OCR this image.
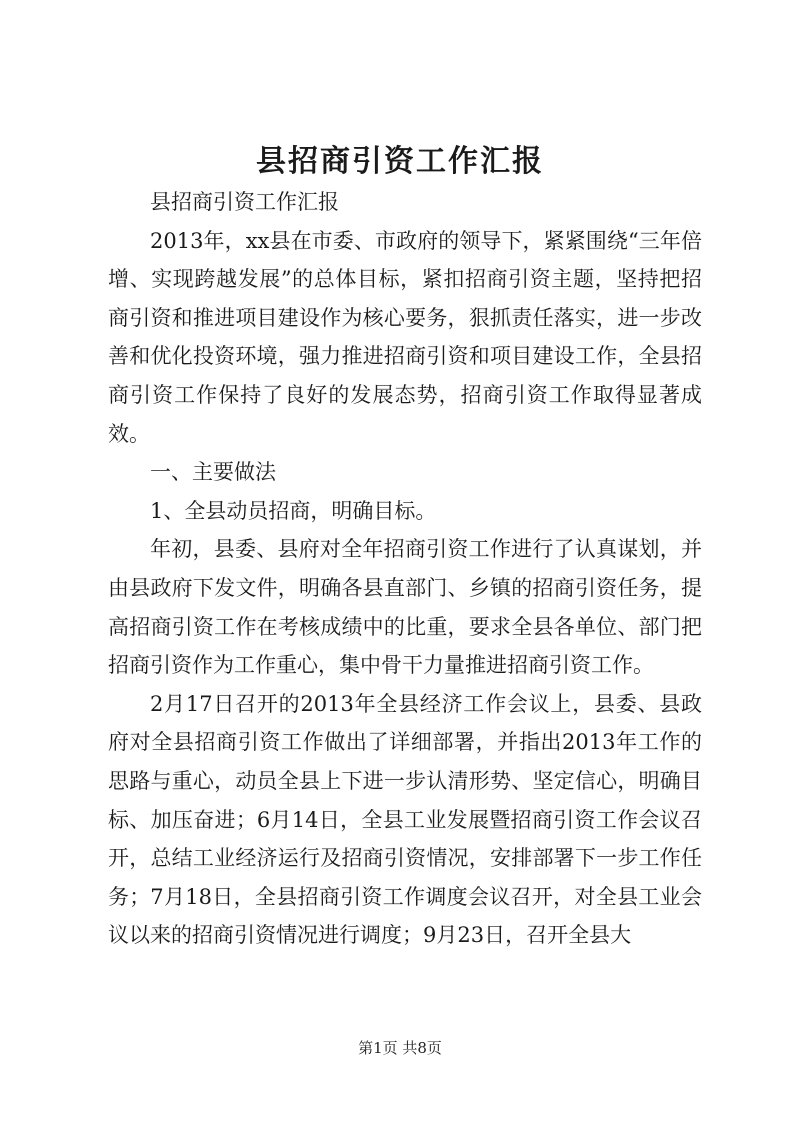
县招商引资工作汇报

县招商引资工作汇报

2013年，xx县在市委、市政府的领导下，紧紧围绕“三年倍增、实现跨越发展”的总体目标，紧扣招商引资主题，坚持把招商引资和推进项目建设作为核心要务，狠抓责任落实，进一步改善和优化投资环境，强力推进招商引资和项目建设工作，全县招商引资工作保持了良好的发展态势，招商引资工作取得显著成效。

一、主要做法

1、全县动员招商，明确目标。

年初，县委、县府对全年招商引资工作进行了认真谋划，并由县政府下发文件，明确各县直部门、乡镇的招商引资任务，提高招商引资工作在考核成绩中的比重，要求全县各单位、部门把招商引资作为工作重心，集中骨干力量推进招商引资工作。

2月17日召开的2013年全县经济工作会议上，县委、县政府对全县招商引资工作做出了详细部署，并指出2013年工作的思路与重心，动员全县上下进一步认清形势、坚定信心，明确目标、加压奋进；6月14日，全县工业发展暨招商引资工作会议召开，总结工业经济运行及招商引资情况，安排部署下一步工作任务；7月18日，全县招商引资工作调度会议召开，对全县工业会议以来的招商引资情况进行调度；9月23日，召开全县大

第1页 共8页
